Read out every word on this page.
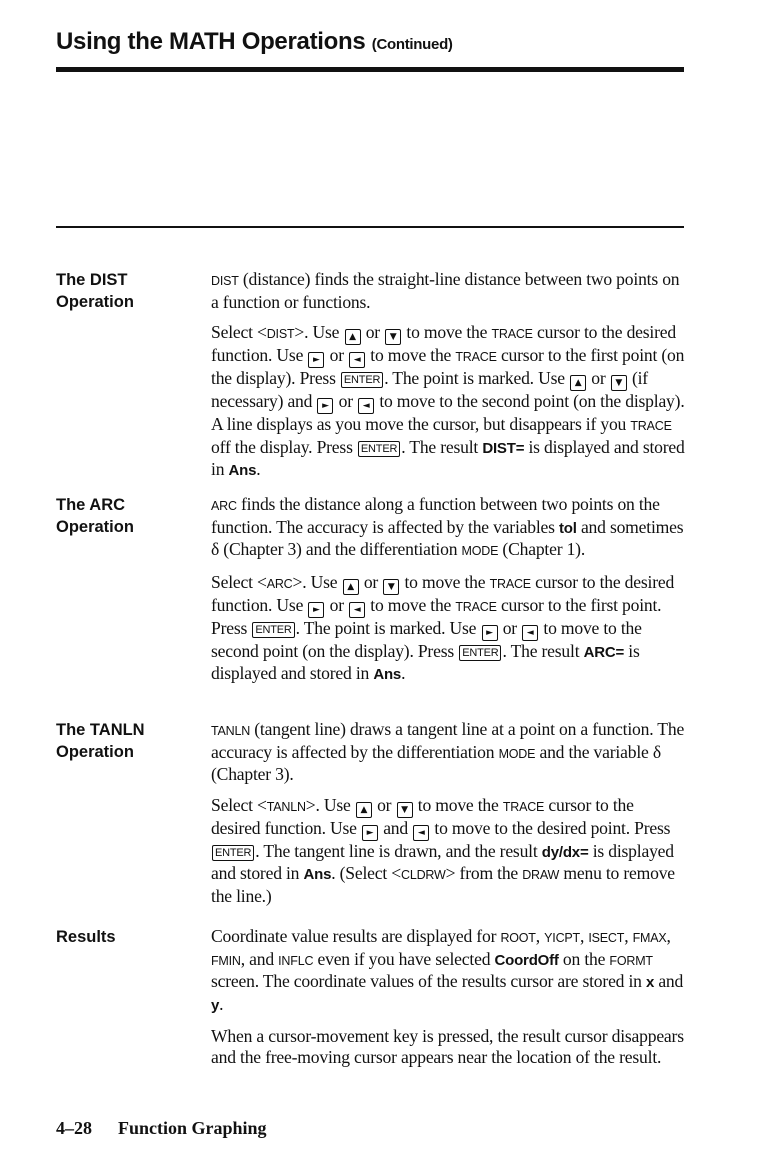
Using the MATH Operations (Continued)
The DIST
Operation

DIST (distance) finds the straight-line distance between two points on a function or functions.

Select <DIST>. Use ▲ or ▼ to move the TRACE cursor to the desired function. Use ► or ◄ to move the TRACE cursor to the first point (on the display). Press ENTER . The point is marked. Use ▲ or ▼ (if necessary) and ► or ◄ to move to the second point (on the display). A line displays as you move the cursor, but disappears if you TRACE off the display. Press ENTER . The result DIST= is displayed and stored in Ans.

The ARC
Operation

ARC finds the distance along a function between two points on the function. The accuracy is affected by the variables tol and sometimes δ (Chapter 3) and the differentiation MODE (Chapter 1).

Select <ARC>. Use ▲ or ▼ to move the TRACE cursor to the desired function. Use ► or ◄ to move the TRACE cursor to the first point. Press ENTER . The point is marked. Use ► or ◄ to move to the second point (on the display). Press ENTER . The result ARC= is displayed and stored in Ans.

The TANLN
Operation

TANLN (tangent line) draws a tangent line at a point on a function. The accuracy is affected by the differentiation MODE and the variable δ (Chapter 3).

Select <TANLN>. Use ▲ or ▼ to move the TRACE cursor to the desired function. Use ► and ◄ to move to the desired point. Press ENTER . The tangent line is drawn, and the result dy/dx= is displayed and stored in Ans. (Select <CLDRW> from the DRAW menu to remove the line.)

Results	Coordinate value results are displayed for ROOT, YICPT, ISECT, FMAX, FMIN, and INFLC even if you have selected CoordOff on the FORMT screen. The coordinate values of the results cursor are stored in x and y.

When a cursor-movement key is pressed, the result cursor disappears and the free-moving cursor appears near the location of the result.

4–28 Function Graphing
